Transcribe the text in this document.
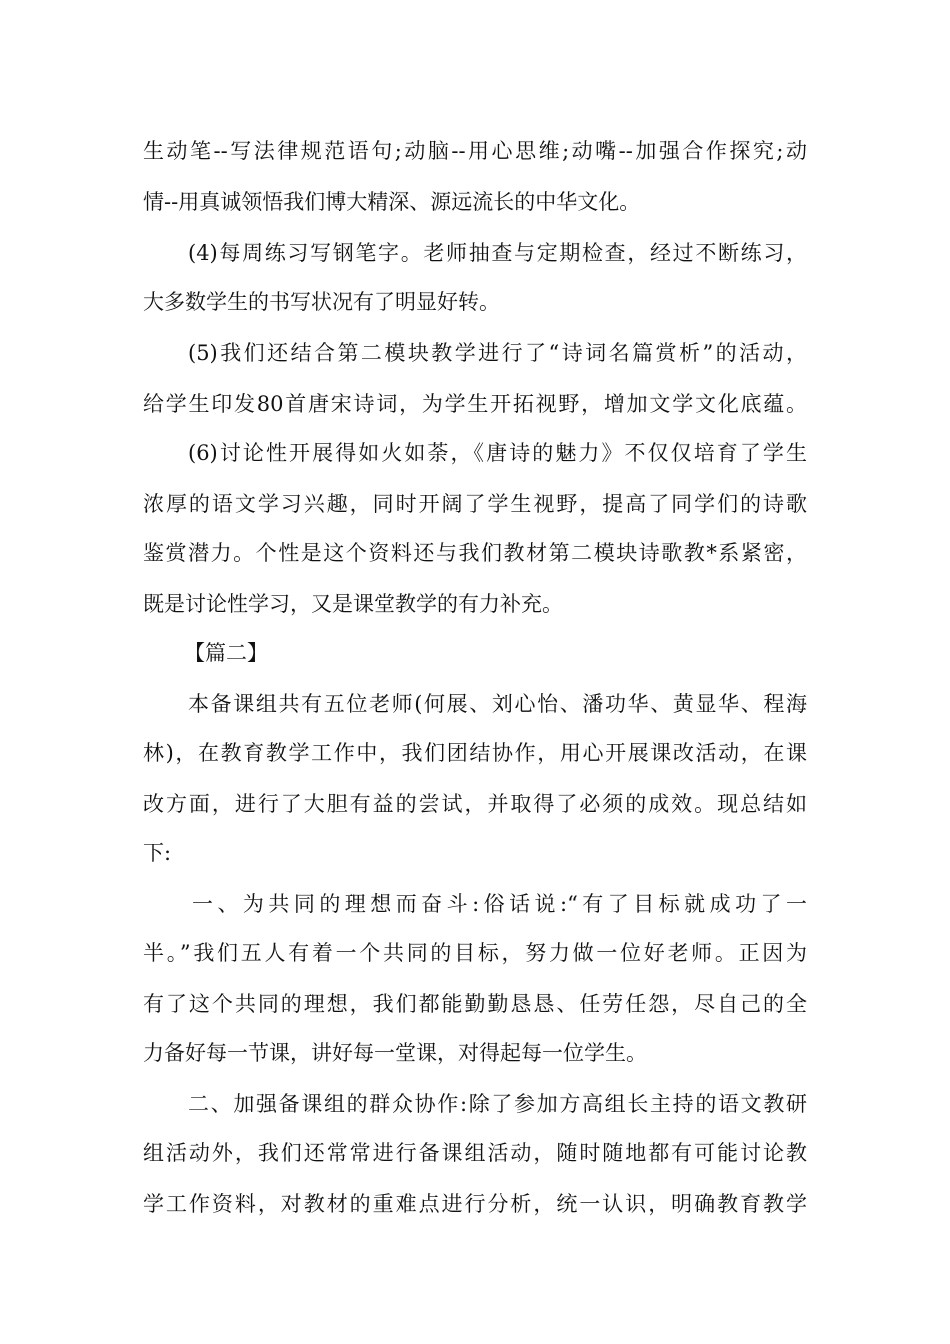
生动笔--写法律规范语句;动脑--用心思维;动嘴--加强合作探究;动
情--用真诚领悟我们博大精深、源远流长的中华文化。
(4)每周练习写钢笔字。老师抽查与定期检查，经过不断练习，
大多数学生的书写状况有了明显好转。
(5)我们还结合第二模块教学进行了“诗词名篇赏析”的活动，
给学生印发80首唐宋诗词，为学生开拓视野，增加文学文化底蕴。
(6)讨论性开展得如火如荼，《唐诗的魅力》不仅仅培育了学生
浓厚的语文学习兴趣，同时开阔了学生视野，提高了同学们的诗歌
鉴赏潜力。个性是这个资料还与我们教材第二模块诗歌教*系紧密，
既是讨论性学习，又是课堂教学的有力补充。
【篇二】
本备课组共有五位老师(何展、刘心怡、潘功华、黄显华、程海
林)，在教育教学工作中，我们团结协作，用心开展课改活动，在课
改方面，进行了大胆有益的尝试，并取得了必须的成效。现总结如
下:
一、为共同的理想而奋斗:俗话说:“有了目标就成功了一
半。”我们五人有着一个共同的目标，努力做一位好老师。正因为
有了这个共同的理想，我们都能勤勤恳恳、任劳任怨，尽自己的全
力备好每一节课，讲好每一堂课，对得起每一位学生。
二、加强备课组的群众协作:除了参加方高组长主持的语文教研
组活动外，我们还常常进行备课组活动，随时随地都有可能讨论教
学工作资料，对教材的重难点进行分析，统一认识，明确教育教学
